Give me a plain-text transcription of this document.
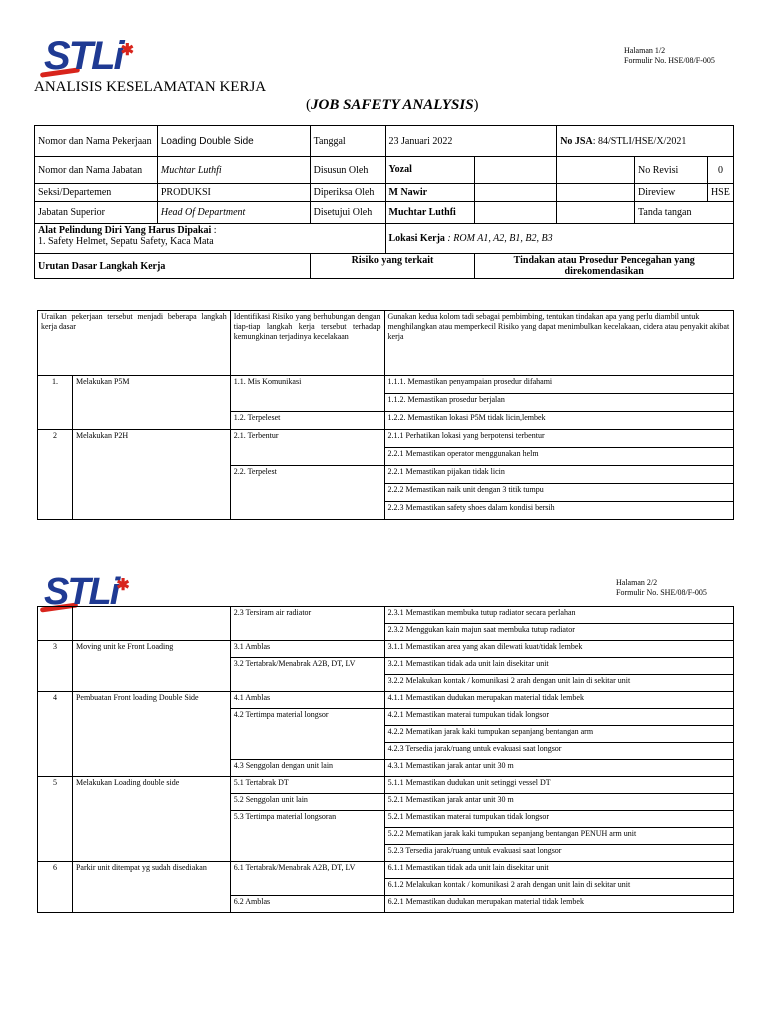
STLi✱	Halaman 1/2
Formulir No. HSE/08/F-005
ANALISIS KESELAMATAN KERJA
(JOB SAFETY ANALYSIS)
Nomor dan Nama Pekerjaan	Loading Double Side	Tanggal	23 Januari 2022		No JSA: 84/STLI/HSE/X/2021		
Nomor dan Nama Jabatan	Muchtar Luthfi	Disusun Oleh	Yozal			No Revisi	0
Seksi/Departemen	PRODUKSI	Diperiksa Oleh	M Nawir			Direview	HSE
Jabatan Superior	Head Of Department	Disetujui Oleh	Muchtar Luthfi			Tanda tangan	

Alat Pelindung Diri Yang Harus Dipakai :
1. Safety Helmet, Sepatu Safety, Kaca Mata			Lokasi Kerja : ROM A1, A2, B1, B2, B3				
Urutan Dasar Langkah Kerja		Risiko yang terkait		Tindakan atau Prosedur Pencegahan yang direkomendasikan			
Uraikan pekerjaan tersebut menjadi beberapa langkah kerja dasar		Identifikasi Risiko yang berhubungan dengan tiap-tiap langkah kerja tersebut terhadap kemungkinan terjadinya kecelakaan	Gunakan kedua kolom tadi sebagai pembimbing, tentukan tindakan apa yang perlu diambil untuk menghilangkan atau memperkecil Risiko yang dapat menimbulkan kecelakaan, cidera atau penyakit akibat kerja
1.	Melakukan P5M	1.1. Mis Komunikasi	1.1.1. Memastikan penyampaian prosedur difahami
			1.1.2. Memastikan prosedur berjalan
		1.2. Terpeleset	1.2.2. Memastikan lokasi P5M tidak licin,lembek
2	Melakukan P2H	2.1. Terbentur	2.1.1 Perhatikan lokasi yang berpotensi terbentur
			2.2.1 Memastikan operator menggunakan helm
		2.2. Terpelest	2.2.1 Memastikan pijakan tidak licin
			2.2.2 Memastikan naik unit dengan 3 titik tumpu
			2.2.3 Memastikan safety shoes dalam kondisi bersih
STLi✱	Halaman 2/2
Formulir No. SHE/08/F-005
		2.3 Tersiram air radiator	2.3.1 Memastikan membuka tutup radiator secara perlahan
			2.3.2 Menggukan kain majun saat membuka tutup radiator
3	Moving unit ke Front Loading	3.1 Amblas	3.1.1 Memastikan area yang akan dilewati kuat/tidak lembek
		3.2 Tertabrak/Menabrak A2B, DT, LV	3.2.1 Memastikan tidak ada unit lain disekitar unit
			3.2.2 Melakukan kontak / komunikasi 2 arah dengan unit lain di sekitar unit
4	Pembuatan Front loading Double Side	4.1 Amblas	4.1.1 Memastikan dudukan merupakan material tidak lembek
		4.2 Tertimpa material longsor	4.2.1 Memastikan materai tumpukan tidak longsor
			4.2.2 Mematikan jarak kaki tumpukan sepanjang bentangan arm
			4.2.3 Tersedia jarak/ruang untuk evakuasi saat longsor
		4.3 Senggolan dengan unit lain	4.3.1 Memastikan jarak antar unit 30 m
5	Melakukan Loading double side	5.1 Tertabrak DT	5.1.1 Memastikan dudukan unit setinggi vessel DT
		5.2 Senggolan unit lain	5.2.1 Memastikan jarak antar unit 30 m
		5.3 Tertimpa material longsoran	5.2.1 Memastikan materai tumpukan tidak longsor
			5.2.2 Mematikan jarak kaki tumpukan sepanjang bentangan PENUH arm unit
			5.2.3 Tersedia jarak/ruang untuk evakuasi saat longsor
6	Parkir unit ditempat yg sudah disediakan	6.1 Tertabrak/Menabrak A2B, DT, LV	6.1.1 Memastikan tidak ada unit lain disekitar unit
			6.1.2 Melakukan kontak / komunikasi 2 arah dengan unit lain di sekitar unit
		6.2 Amblas	6.2.1 Memastikan dudukan merupakan material tidak lembek
